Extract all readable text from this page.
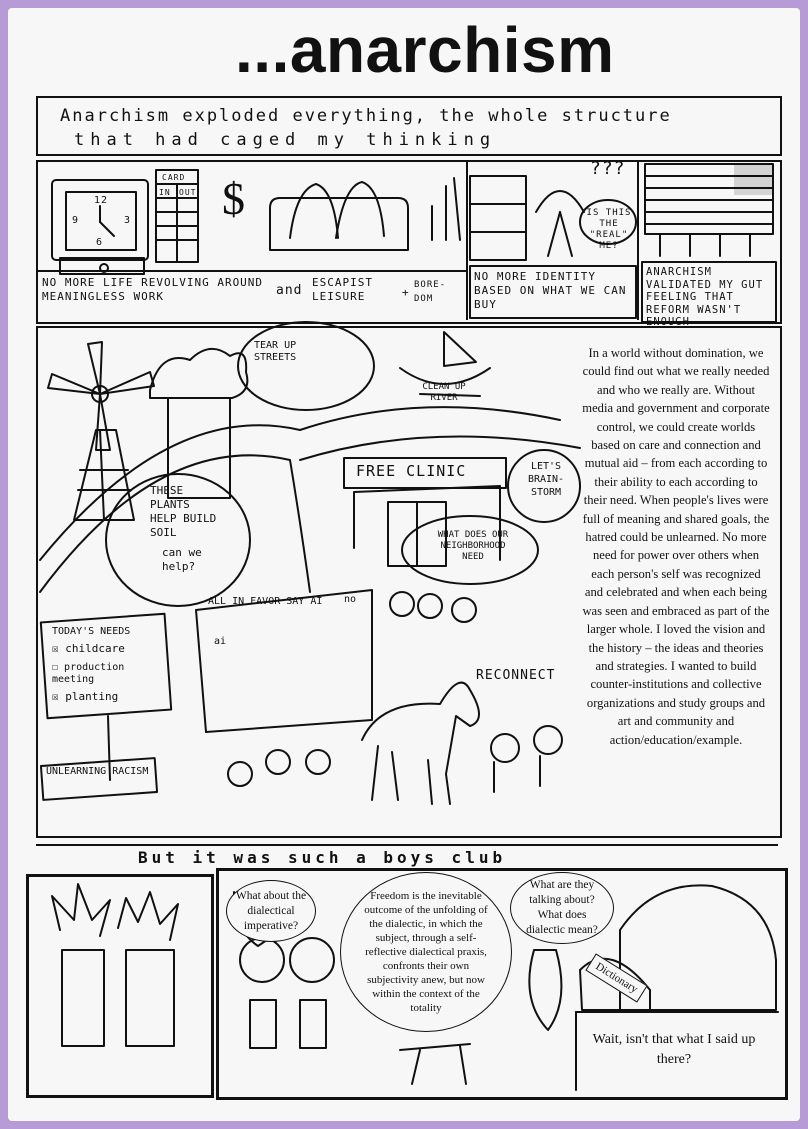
...anarchism
Anarchism exploded everything, the whole structure
that had caged my thinking
12
9	3
6
CARD
IN OUT $
NO MORE LIFE REVOLVING AROUND MEANINGLESS WORK	and
ESCAPIST LEISURE	+
BORE-DOM
???
IS THIS THE "REAL" ME?
NO MORE IDENTITY BASED ON WHAT WE CAN BUY
ANARCHISM VALIDATED MY GUT FEELING THAT REFORM WASN'T ENOUGH
TEAR UP STREETS
CLEAN UP RIVER
FREE CLINIC
THESE PLANTS HELP BUILD SOIL
can we help?
LET'S BRAIN-STORM
WHAT DOES OUR NEIGHBORHOOD NEED
TODAY'S NEEDS
☒ childcare
☐ production meeting
☒ planting
ALL IN FAVOR SAY AI
ai
no
RECONNECT
UNLEARNING RACISM
In a world without domination, we could find out what we really needed and who we really are. Without media and government and corporate control, we could create worlds based on care and connection and mutual aid – from each according to their ability to each according to their need. When people's lives were full of meaning and shared goals, the hatred could be unlearned. No more need for power over others when each person's self was recognized and celebrated and when each being was seen and embraced as part of the larger whole. I loved the vision and the history – the ideas and theories and strategies. I wanted to build counter-institutions and collective organizations and study groups and art and community and action/education/example.
But it was such a boys club
What about the dialectical imperative?
Freedom is the inevitable outcome of the unfolding of the dialectic, in which the subject, through a self-reflective dialectical praxis, confronts their own subjectivity anew, but now within the context of the totality
What are they talking about? What does dialectic mean?
Dictionary
Wait, isn't that what I said up there?
